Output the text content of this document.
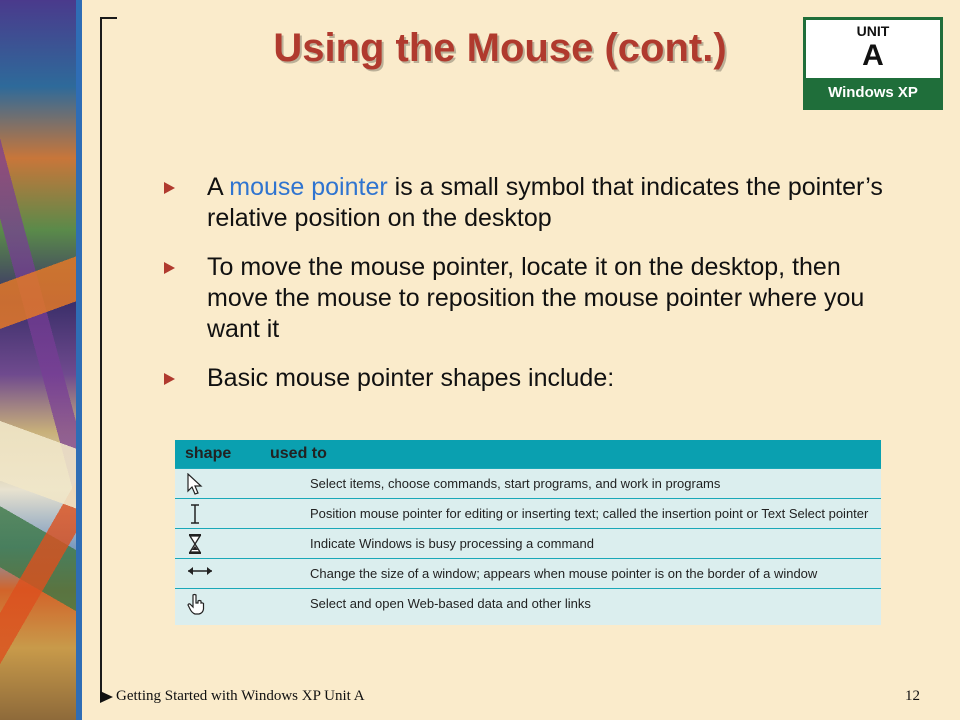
Using the Mouse (cont.)	UNIT
A
Windows XP
A mouse pointer is a small symbol that indicates the pointer’s relative position on the desktop
To move the mouse pointer, locate it on the desktop, then move the mouse to reposition the mouse pointer where you want it
Basic mouse pointer shapes include:
shape used to
Select items, choose commands, start programs, and work in programs
Position mouse pointer for editing or inserting text; called the insertion point or Text Select pointer
Indicate Windows is busy processing a command
Change the size of a window; appears when mouse pointer is on the border of a window
Select and open Web-based data and other links
Getting Started with Windows XP Unit A	12
